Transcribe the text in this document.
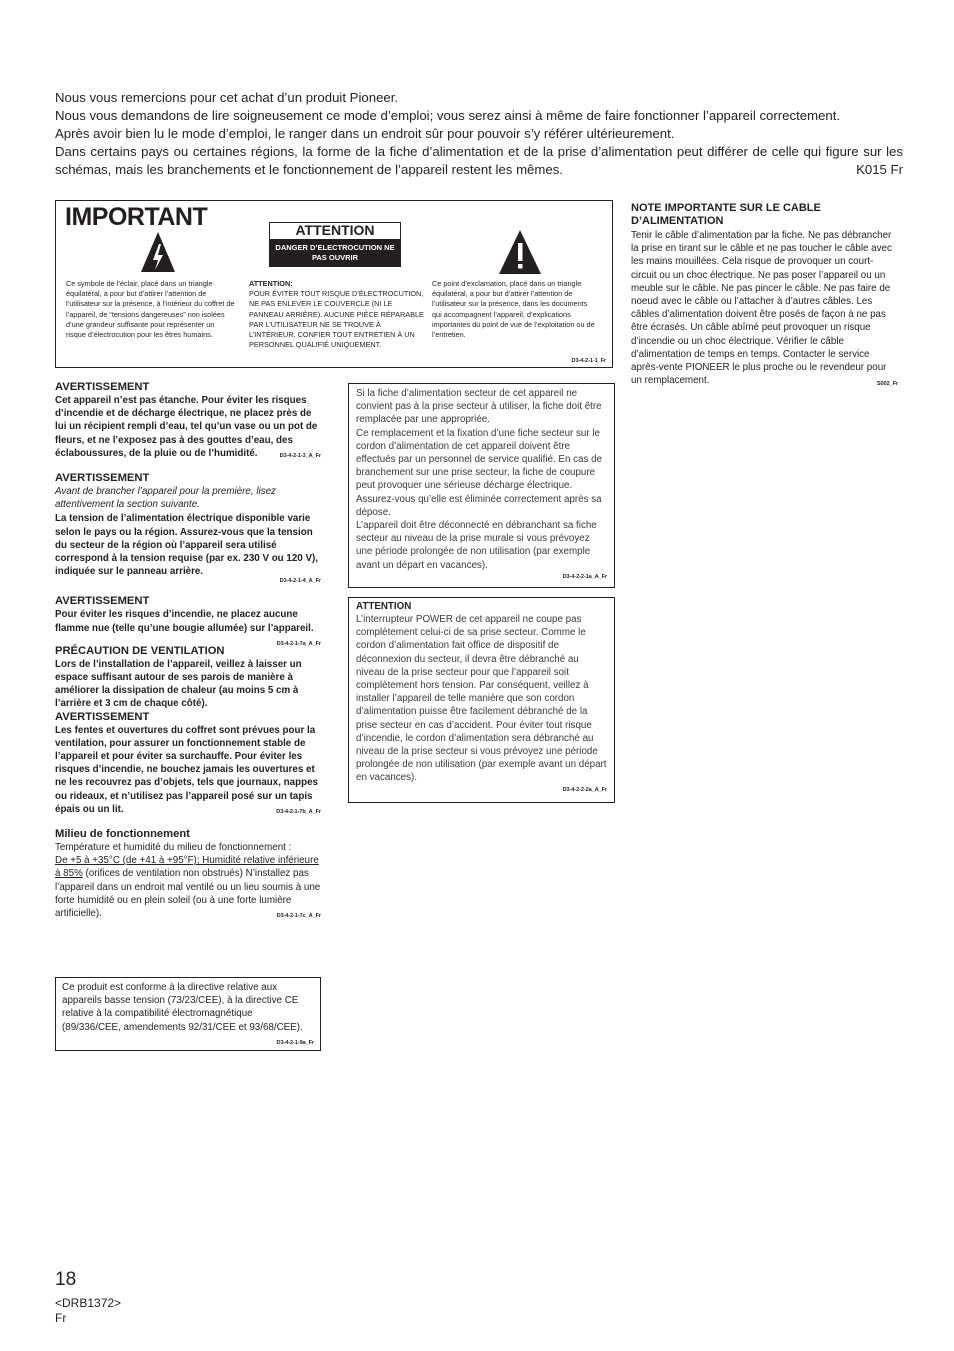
Nous vous remercions pour cet achat d’un produit Pioneer.

Nous vous demandons de lire soigneusement ce mode d’emploi; vous serez ainsi à même de faire fonctionner l’appareil correctement.

Après avoir bien lu le mode d’emploi, le ranger dans un endroit sûr pour pouvoir s’y référer ultérieurement.

Dans certains pays ou certaines régions, la forme de la fiche d’alimentation et de la prise d’alimentation peut différer de celle qui figure sur les schémas, mais les branchements et le fonctionnement de l’appareil restent les mêmes.	K015 Fr

IMPORTANT	ATTENTION
DANGER D’ELECTROCUTION NE PAS OUVRIR
Ce symbole de l’éclair, placé dans un triangle équilatéral, a pour but d’attirer l’attention de l’utilisateur sur la présence, à l’intérieur du coffret de l’appareil, de “tensions dangereuses” non isolées d’une grandeur suffisante pour représenter un risque d’électrocution pour les êtres humains.
ATTENTION:
POUR ÉVITER TOUT RISQUE D’ÉLECTROCUTION, NE PAS ENLEVER LE COUVERCLE (NI LE PANNEAU ARRIÈRE). AUCUNE PIÈCE RÉPARABLE PAR L’UTILISATEUR NE SE TROUVE À L’INTÉRIEUR. CONFIER TOUT ENTRETIEN À UN PERSONNEL QUALIFIÉ UNIQUEMENT.
Ce point d’exclamation, placé dans un triangle équilatéral, a pour but d’attirer l’attention de l’utilisateur sur la présence, dans les documents qui accompagnent l’appareil, d’explications importantes du point de vue de l’exploitation ou de l’entretien.
D3-4-2-1-1_Fr
NOTE IMPORTANTE SUR LE CABLE D’ALIMENTATION
Tenir le câble d’alimentation par la fiche. Ne pas débrancher la prise en tirant sur le câble et ne pas toucher le câble avec les mains mouillées. Cela risque de provoquer un court-circuit ou un choc électrique. Ne pas poser l’appareil ou un meuble sur le câble. Ne pas pincer le câble. Ne pas faire de noeud avec le câble ou l’attacher à d’autres câbles. Les câbles d’alimentation doivent être posés de façon à ne pas être écrasés. Un câble abîmé peut provoquer un risque d’incendie ou un choc électrique. Vérifier le câble d’alimentation de temps en temps. Contacter le service après-vente PIONEER le plus proche ou le revendeur pour un remplacement.	S002_Fr
AVERTISSEMENT
Cet appareil n’est pas étanche. Pour éviter les risques d’incendie et de décharge électrique, ne placez près de lui un récipient rempli d’eau, tel qu’un vase ou un pot de fleurs, et ne l’exposez pas à des gouttes d’eau, des éclaboussures, de la pluie ou de l’humidité.	D3-4-2-1-3_A_Fr
AVERTISSEMENT
Avant de brancher l’appareil pour la première, lisez attentivement la section suivante.
La tension de l’alimentation électrique disponible varie selon le pays ou la région. Assurez-vous que la tension du secteur de la région où l’appareil sera utilisé correspond à la tension requise (par ex. 230 V ou 120 V), indiquée sur le panneau arrière.
D3-4-2-1-4_A_Fr
AVERTISSEMENT
Pour éviter les risques d’incendie, ne placez aucune flamme nue (telle qu’une bougie allumée) sur l’appareil.
D3-4-2-1-7a_A_Fr
PRÉCAUTION DE VENTILATION
Lors de l’installation de l’appareil, veillez à laisser un espace suffisant autour de ses parois de manière à améliorer la dissipation de chaleur (au moins 5 cm à l’arrière et 3 cm de chaque côté).
AVERTISSEMENT
Les fentes et ouvertures du coffret sont prévues pour la ventilation, pour assurer un fonctionnement stable de l’appareil et pour éviter sa surchauffe. Pour éviter les risques d’incendie, ne bouchez jamais les ouvertures et ne les recouvrez pas d’objets, tels que journaux, nappes ou rideaux, et n’utilisez pas l’appareil posé sur un tapis épais ou un lit.	D3-4-2-1-7b_A_Fr
Milieu de fonctionnement
Température et humidité du milieu de fonctionnement :
De +5 à +35°C (de +41 à +95°F); Humidité relative inférieure à 85% (orifices de ventilation non obstrués) N’installez pas l’appareil dans un endroit mal ventilé ou un lieu soumis à une forte humidité ou en plein soleil (ou à une forte lumière artificielle).	D3-4-2-1-7c_A_Fr
Ce produit est conforme à la directive relative aux appareils basse tension (73/23/CEE), à la directive CE relative à la compatibilité électromagnétique (89/336/CEE, amendements 92/31/CEE et 93/68/CEE).
D3-4-2-1-9a_Fr
Si la fiche d’alimentation secteur de cet appareil ne convient pas à la prise secteur à utiliser, la fiche doit être remplacée par une appropriée.
Ce remplacement et la fixation d’une fiche secteur sur le cordon d’alimentation de cet appareil doivent être effectués par un personnel de service qualifié. En cas de branchement sur une prise secteur, la fiche de coupure peut provoquer une sérieuse décharge électrique. Assurez-vous qu’elle est éliminée correctement après sa dépose.
L’appareil doit être déconnecté en débranchant sa fiche secteur au niveau de la prise murale si vous prévoyez une période prolongée de non utilisation (par exemple avant un départ en vacances).
D3-4-2-2-1a_A_Fr
ATTENTION
L’interrupteur POWER de cet appareil ne coupe pas complètement celui-ci de sa prise secteur. Comme le cordon d’alimentation fait office de dispositif de déconnexion du secteur, il devra être débranché au niveau de la prise secteur pour que l’appareil soit complètement hors tension. Par conséquent, veillez à installer l’appareil de telle manière que son cordon d’alimentation puisse être facilement débranché de la prise secteur en cas d’accident. Pour éviter tout risque d’incendie, le cordon d’alimentation sera débranché au niveau de la prise secteur si vous prévoyez une période prolongée de non utilisation (par exemple avant un départ en vacances).
D3-4-2-2-2a_A_Fr
18
<DRB1372>
Fr
